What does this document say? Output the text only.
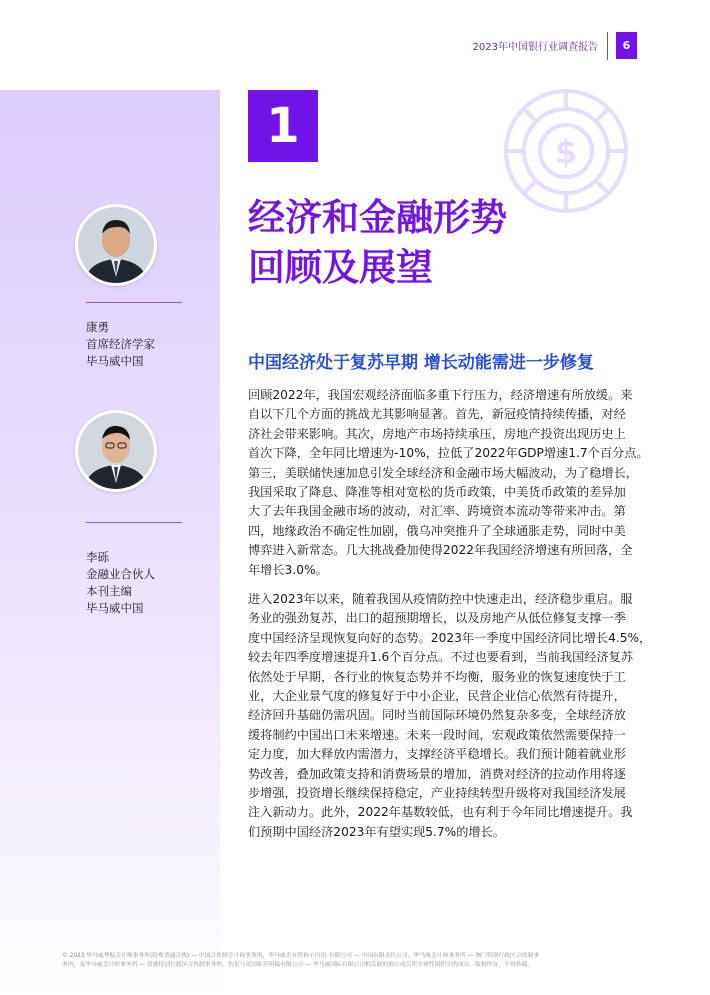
2023年中国银行业调查报告	6
康勇
首席经济学家
毕马威中国
李砾
金融业合伙人
本刊主编
毕马威中国
1	$
经济和金融形势
回顾及展望
中国经济处于复苏早期 增长动能需进一步修复
回顾2022年，我国宏观经济面临多重下行压力，经济增速有所放缓。来
自以下几个方面的挑战尤其影响显著。首先，新冠疫情持续传播，对经
济社会带来影响。其次，房地产市场持续承压，房地产投资出现历史上
首次下降，全年同比增速为-10%，拉低了2022年GDP增速1.7个百分点。
第三，美联储快速加息引发全球经济和金融市场大幅波动，为了稳增长，
我国采取了降息、降准等相对宽松的货币政策，中美货币政策的差异加
大了去年我国金融市场的波动，对汇率、跨境资本流动等带来冲击。第
四，地缘政治不确定性加剧，俄乌冲突推升了全球通胀走势，同时中美
博弈进入新常态。几大挑战叠加使得2022年我国经济增速有所回落，全
年增长3.0%。
进入2023年以来，随着我国从疫情防控中快速走出，经济稳步重启。服
务业的强劲复苏，出口的超预期增长，以及房地产从低位修复支撑一季
度中国经济呈现恢复向好的态势。2023年一季度中国经济同比增长4.5%，
较去年四季度增速提升1.6个百分点。不过也要看到，当前我国经济复苏
依然处于早期，各行业的恢复态势并不均衡，服务业的恢复速度快于工
业，大企业景气度的修复好于中小企业，民营企业信心依然有待提升，
经济回升基础仍需巩固。同时当前国际环境仍然复杂多变，全球经济放
缓将制约中国出口未来增速。未来一段时间，宏观政策依然需要保持一
定力度，加大释放内需潜力，支撑经济平稳增长。我们预计随着就业形
势改善，叠加政策支持和消费场景的增加，消费对经济的拉动作用将逐
步增强，投资增长继续保持稳定，产业持续转型升级将对我国经济发展
注入新动力。此外，2022年基数较低，也有利于今年同比增速提升。我
们预期中国经济2023年有望实现5.7%的增长。
© 2023 毕马威华振会计师事务所(特殊普通合伙) — 中国合伙制会计师事务所，毕马威企业咨询 (中国) 有限公司 — 中国有限责任公司，毕马威会计师事务所 — 澳门特别行政区合伙制事
务所，及毕马威会计师事务所 — 香港特别行政区合伙制事务所，均是与英国私营担保有限公司 — 毕马威国际有限公司相关联的独立成员所全球性组织中的成员。版权所有，不得转载。
